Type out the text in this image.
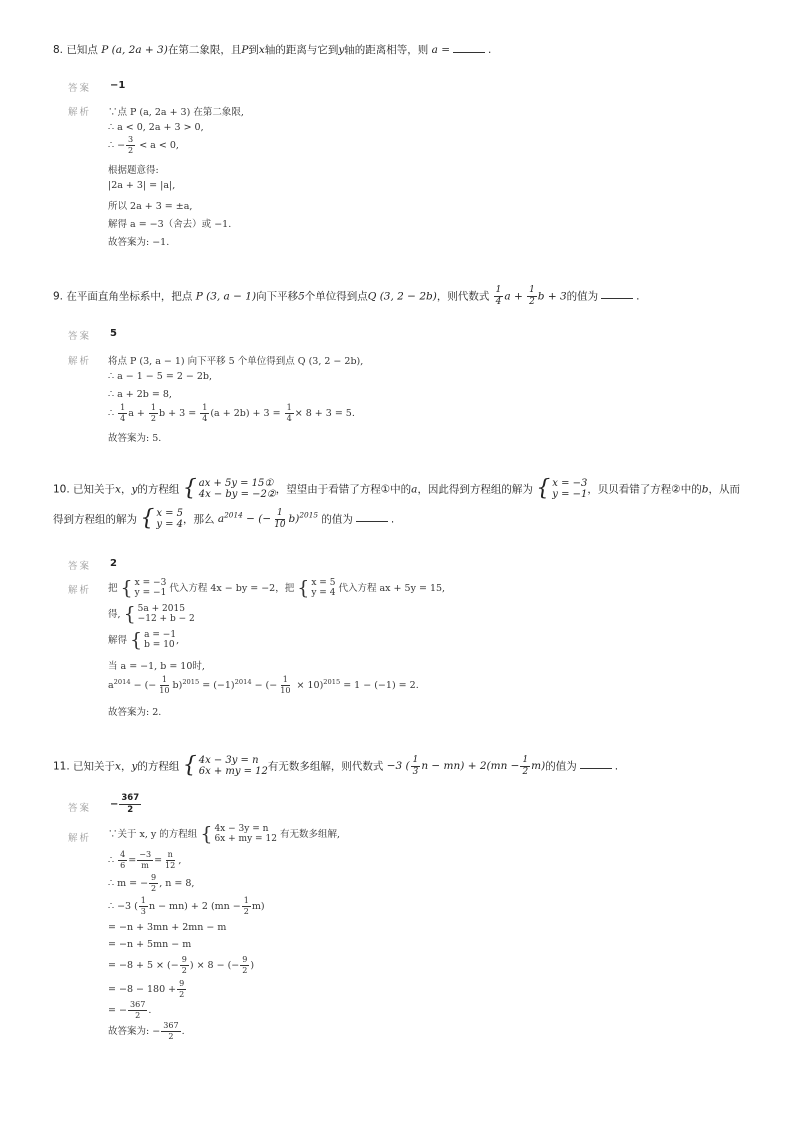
8. 已知点 P (a, 2a + 3)在第二象限，且P到x轴的距离与它到y轴的距离相等，则 a =	.
答案 −1
解析 ∵点 P (a, 2a + 3) 在第二象限,
∴ a < 0, 2a + 3 > 0,
∴ − $\frac{3}{2} < a < 0$,
根据题意得:
|2a + 3| = |a|,
所以 2a + 3 = ±a,
解得 a = −3（舍去）或 −1.
故答案为: −1.
9. 在平面直角坐标系中，把点 P (3, a − 1)向下平移5个单位得到点Q (3, 2 − 2b)，则代数式 $\frac{1}{4}$ $a + \frac{1}{2}$ b + 3的值为	.
答案 5
解析 将点 P (3, a − 1) 向下平移 5 个单位得到点 Q (3, 2 − 2b),
∴ a − 1 − 5 = 2 − 2b,
∴ a + 2b = 8,
∴ $\frac{1}{4}$ $a + \frac{1}{2}$ $b + 3 = \frac{1}{4} (a + 2b) + 3 = \frac{1}{4} \times 8 + 3 = 5$.
故答案为: 5.
10. 已知关于x，y的方程组 { ax + 5y = 15①
4x − by = −2② ，望望由于看错了方程①中的a，因此得到方程组的解为 { x = −3
y = −1 ，贝贝看错了方程②中的b，从而
得到方程组的解为 { x = 5
y = 4 ，那么 $a^{2014}$ − (− $\frac{1}{10} b)^{2015}$ 的值为	.
答案 2
解析 把 { x = −3
y = −1 代入方程 4x − by = −2，把 { x = 5
y = 4 代入方程 ax + 5y = 15,
得, { 5a + 2015
−12 + b − 2
解得 { a = −1
b = 10 ,
当 a = −1, b = 10时,
$a^{2014}$ − (− $\frac{1}{10} b)^{2015} = (-1)^{2014}$ − (− $\frac{1}{10} \times 10)^{2015} = 1 - (-1) = 2$.
故答案为: 2.
11. 已知关于x，y的方程组 { 4x − 3y = n
6x + my = 12 有无数多组解，则代数式 −3 ( $\frac{1}{3}$ $n - mn) + 2(mn - \frac{1}{2} m)$的值为	.
答案 − $\frac{367}{2}$
解析 ∵关于 x, y 的方程组 { 4x − 3y = n
6x + my = 12 有无数多组解,
∴ $\frac{4}{6} = \frac{-3}{m} = \frac{n}{12}$ ,
∴ m = − $\frac{9}{2}$ , n = 8,
∴ −3 ( $\frac{1}{3}$ n − mn) + 2 $(mn - \frac{1}{2} m)$
= −n + 3mn + 2mn − m
= −n + 5mn − m
= −8 + 5 × (− $\frac{9}{2}$ ) × 8 − (− $\frac{9}{2}$ )
= $-8 - 180 + \frac{9}{2}$
= − $\frac{367}{2}$ .
故答案为: − $\frac{367}{2}$ .
